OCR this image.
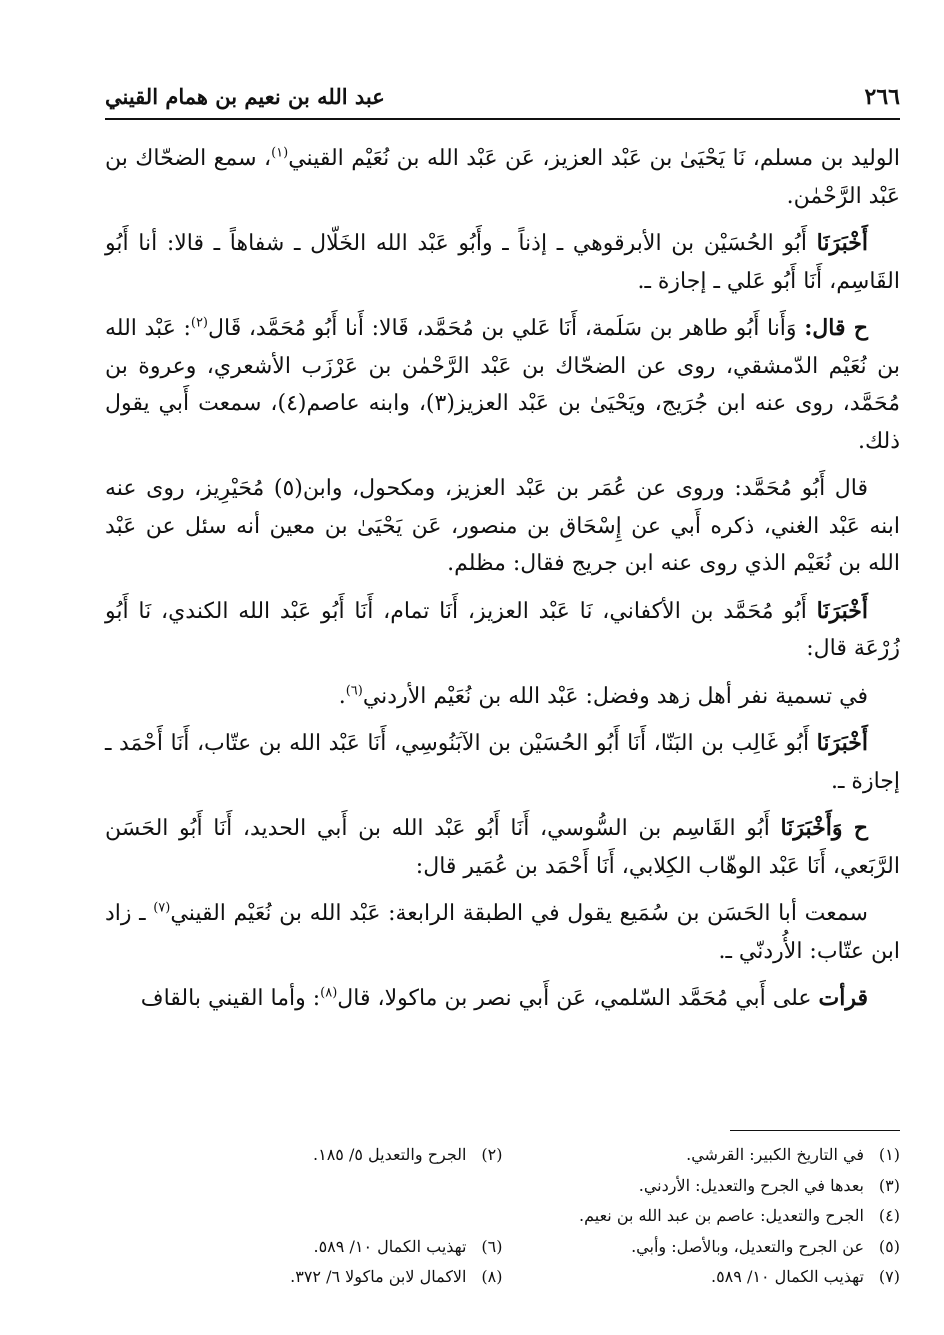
٢٦٦
عبد الله بن نعيم بن همام القيني

الوليد بن مسلم، نَا يَحْيَىٰ بن عَبْد العزيز، عَن عَبْد الله بن نُعَيْم القيني$^{(١)}$، سمع الضحّاك بن عَبْد الرَّحْمٰن.

أَخْبَرَنَا أَبُو الحُسَيْن بن الأبرقوهي ـ إذناً ـ وأَبُو عَبْد الله الخَلّال ـ شفاهاً ـ قالا: أنا أَبُو القَاسِم، أَنَا أَبُو عَلي ـ إجازة ـ.

ح قال: وَأَنا أَبُو طاهر بن سَلَمة، أَنَا عَلي بن مُحَمَّد، قَالا: أَنا أَبُو مُحَمَّد، قَال$^{(٢)}$: عَبْد الله بن نُعَيْم الدّمشقي، روى عن الضحّاك بن عَبْد الرَّحْمٰن بن عَرْزَب الأشعري، وعروة بن مُحَمَّد، روى عنه ابن جُرَيج، ويَحْيَىٰ بن عَبْد العزيز(٣)، وابنه عاصم(٤)، سمعت أَبي يقول ذلك.

قال أَبُو مُحَمَّد: وروى عن عُمَر بن عَبْد العزيز، ومكحول، وابن(٥) مُحَيْرِيز، روى عنه ابنه عَبْد الغني، ذكره أَبي عن إِسْحَاق بن منصور، عَن يَحْيَىٰ بن معين أنه سئل عن عَبْد الله بن نُعَيْم الذي روى عنه ابن جريج فقال: مظلم.

أَخْبَرَنَا أَبُو مُحَمَّد بن الأكفاني، نَا عَبْد العزيز، أَنَا تمام، أَنَا أَبُو عَبْد الله الكندي، نَا أَبُو زُرْعَة قال:

في تسمية نفر أهل زهد وفضل: عَبْد الله بن نُعَيْم الأردني$^{(٦)}$.

أَخْبَرَنَا أَبُو غَالِب بن البَنّا، أَنَا أَبُو الحُسَيْن بن الآبَنُوسِي، أَنَا عَبْد الله بن عتّاب، أَنَا أَحْمَد ـ إجازة ـ.

ح وَأَخْبَرَنَا أَبُو القَاسِم بن السُّوسي، أَنَا أَبُو عَبْد الله بن أَبي الحديد، أَنَا أَبُو الحَسَن الرَّبَعي، أَنَا عَبْد الوهّاب الكِلابي، أَنَا أَحْمَد بن عُمَير قال:

سمعت أبا الحَسَن بن سُمَيع يقول في الطبقة الرابعة: عَبْد الله بن نُعَيْم القيني$^{(٧)}$ ـ زاد ابن عتّاب: الأُردنّي ـ.

قرأت على أَبي مُحَمَّد السّلمي، عَن أَبي نصر بن ماكولا، قال$^{(٨)}$: وأما القيني بالقاف

(١)في التاريخ الكبير: القرشي.
(٢)الجرح والتعديل ٥/ ١٨٥.
(٣)بعدها في الجرح والتعديل: الأردني.
(٤)الجرح والتعديل: عاصم بن عبد الله بن نعيم.
(٥)عن الجرح والتعديل، وبالأصل: وأبي.
(٦)تهذيب الكمال ١٠/ ٥٨٩.
(٧)تهذيب الكمال ١٠/ ٥٨٩.
(٨)الاكمال لابن ماكولا ٦/ ٣٧٢.
